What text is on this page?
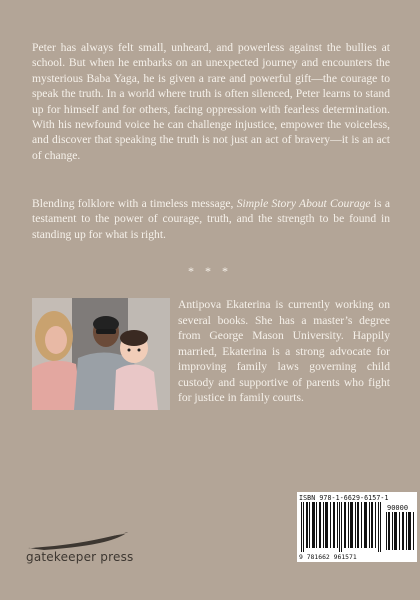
Peter has always felt small, unheard, and powerless against the bullies at school. But when he embarks on an unexpected journey and encounters the mysterious Baba Yaga, he is given a rare and powerful gift—the courage to speak the truth. In a world where truth is often silenced, Peter learns to stand up for himself and for others, facing oppression with fearless determination. With his newfound voice he can challenge injustice, empower the voiceless, and discover that speaking the truth is not just an act of bravery—it is an act of change.

Blending folklore with a timeless message, Simple Story About Courage is a testament to the power of courage, truth, and the strength to be found in standing up for what is right.

* * *
Antipova Ekaterina is currently working on several books. She has a master’s degree from George Mason University. Happily married, Ekaterina is a strong advocate for improving family laws governing child custody and supportive of parents who fight for justice in family courts.
gatekeeper press
ISBN 978-1-6629-6157-1
90000
9 781662 961571
